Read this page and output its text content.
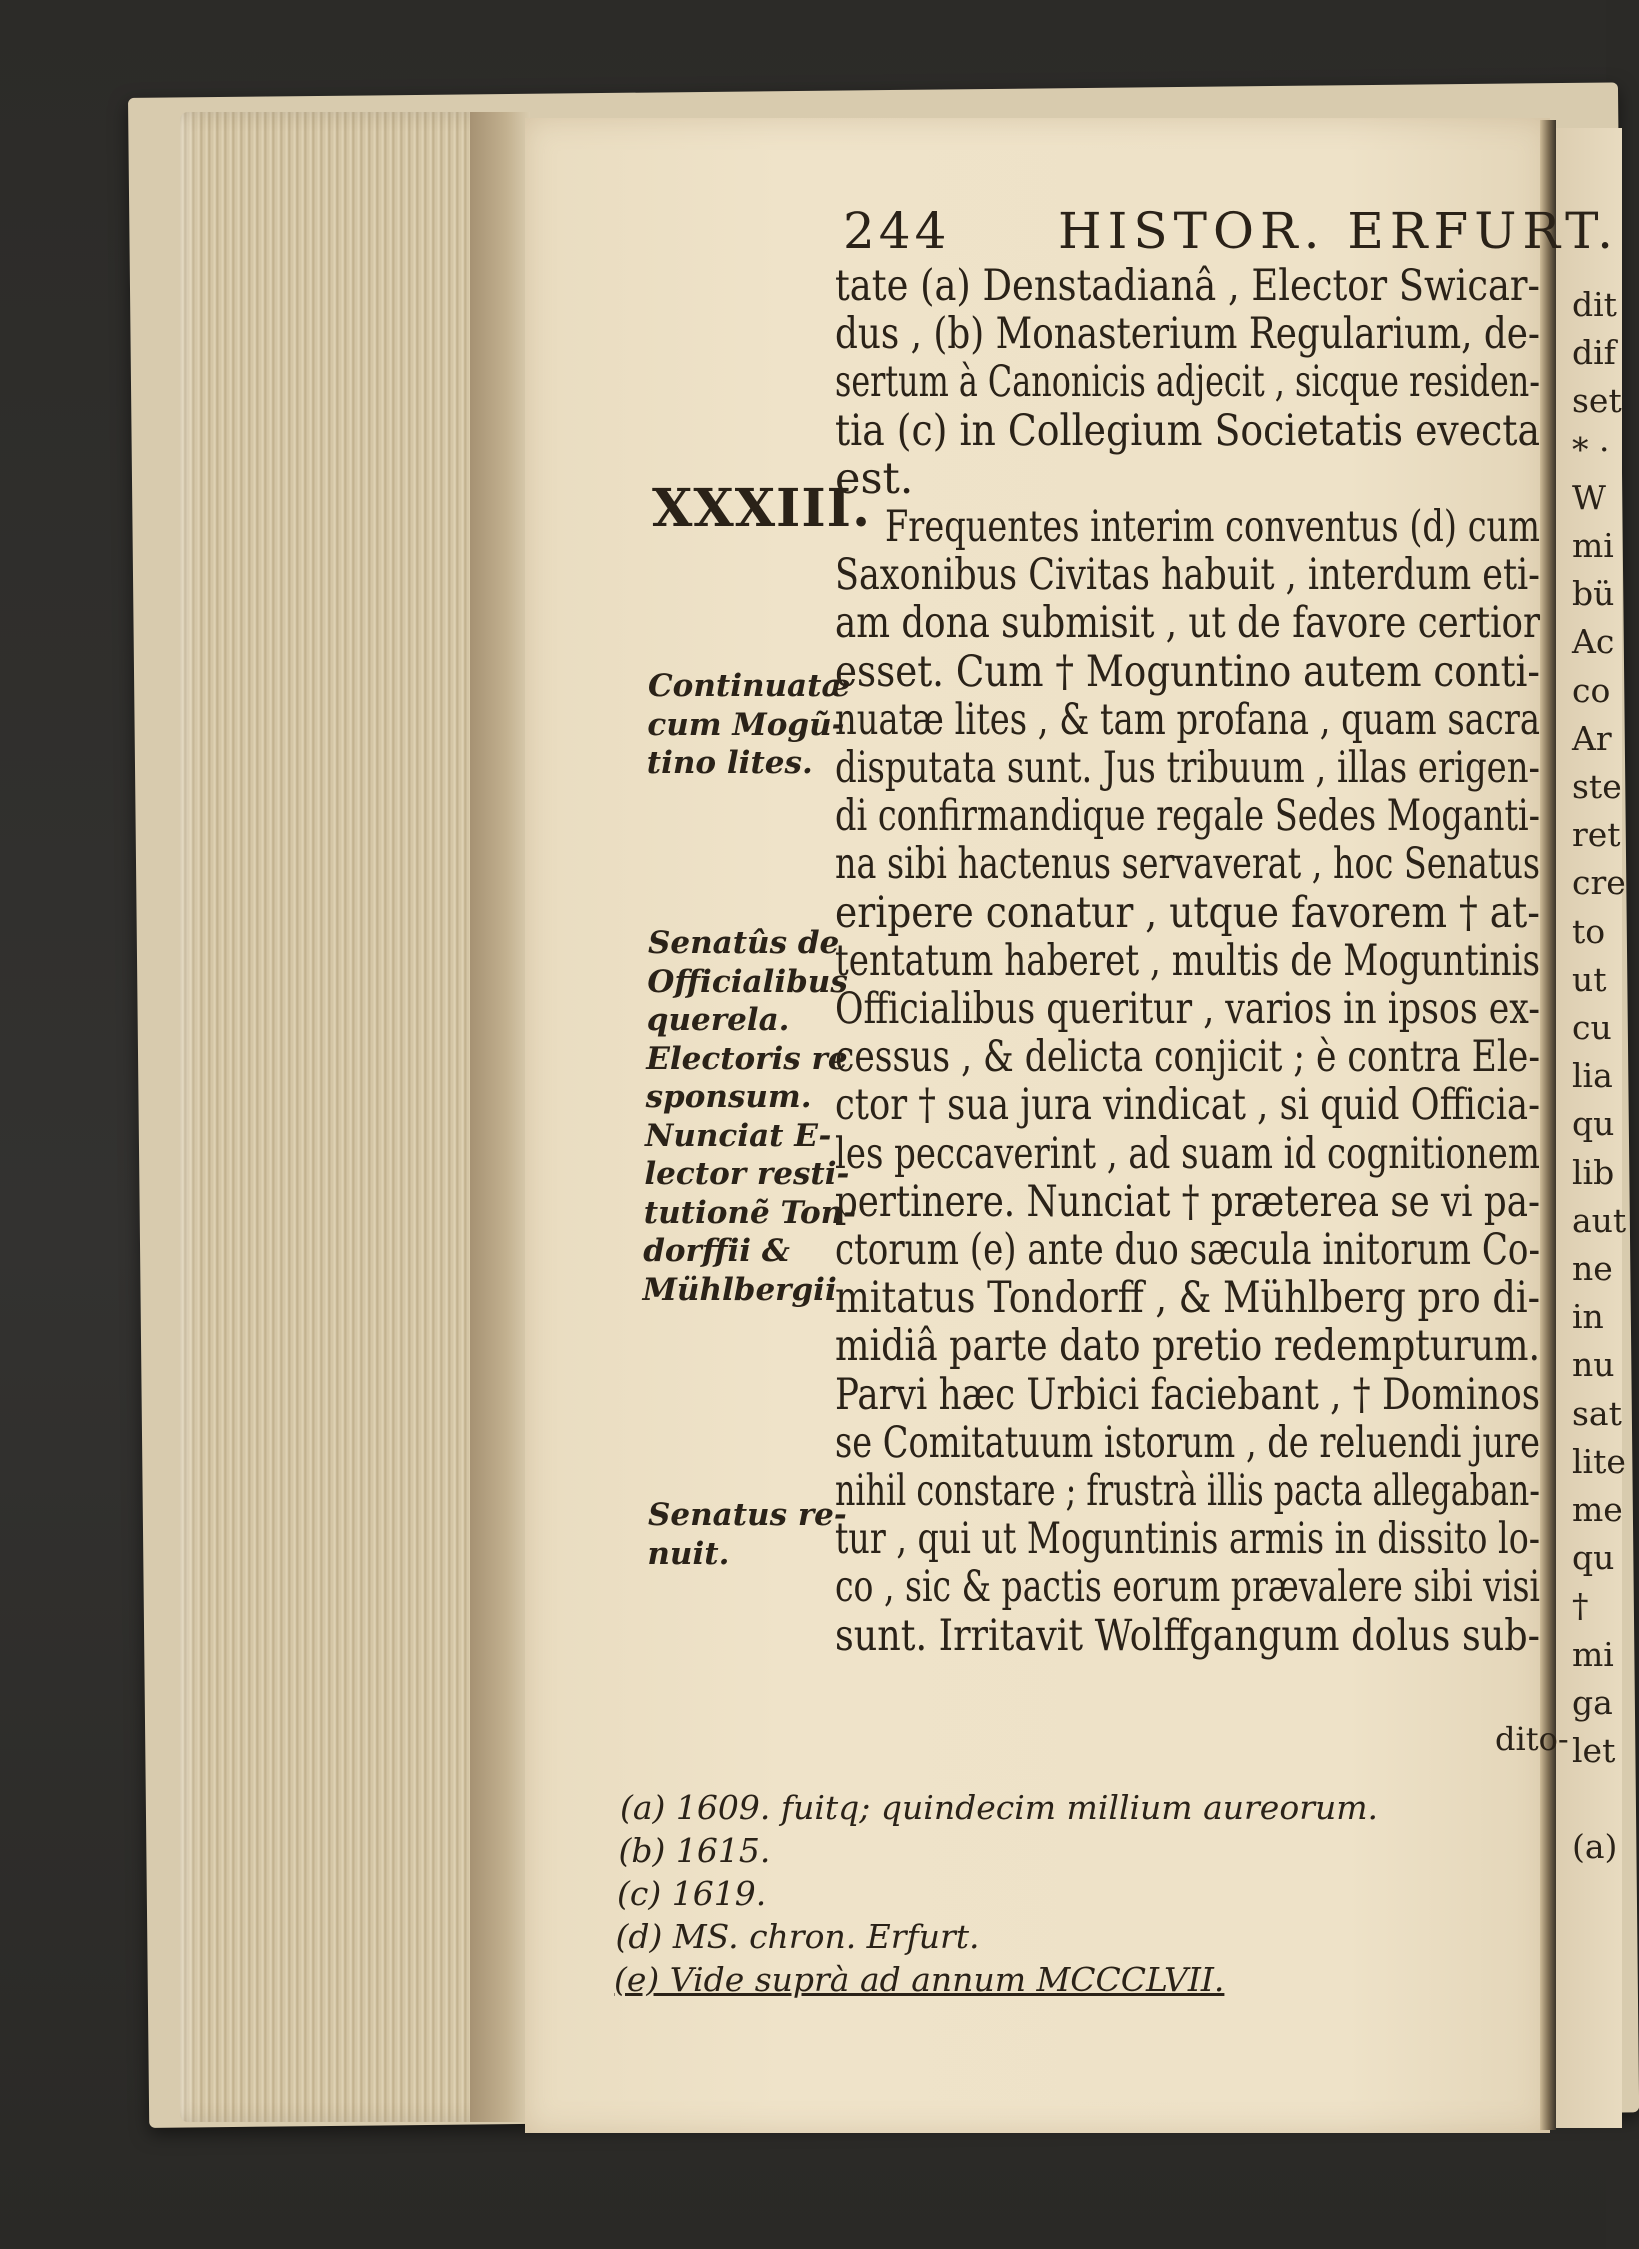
244 HISTOR. ERFURT.
XXXIII.
tate (a) Denstadianâ , Elector Swicar-
dus , (b) Monasterium Regularium, de-
sertum à Canonicis adjecit , sicque residen-
tia (c) in Collegium Societatis evecta
est.
Frequentes interim conventus (d) cum
Saxonibus Civitas habuit , interdum eti-
am dona submisit , ut de favore certior
esset. Cum † Moguntino autem conti-
nuatæ lites , & tam profana , quam sacra
disputata sunt. Jus tribuum , illas erigen-
di confirmandique regale Sedes Moganti-
na sibi hactenus servaverat , hoc Senatus
eripere conatur , utque favorem † at-
tentatum haberet , multis de Moguntinis
Officialibus queritur , varios in ipsos ex-
cessus , & delicta conjicit ; è contra Ele-
ctor † sua jura vindicat , si quid Officia-
les peccaverint , ad suam id cognitionem
pertinere. Nunciat † præterea se vi pa-
ctorum (e) ante duo sæcula initorum Co-
mitatus Tondorff , & Mühlberg pro di-
midiâ parte dato pretio redempturum.
Parvi hæc Urbici faciebant , † Dominos
se Comitatuum istorum , de reluendi jure
nihil constare ; frustrà illis pacta allegaban-
tur , qui ut Moguntinis armis in dissito lo-
co , sic & pactis eorum prævalere sibi visi
sunt. Irritavit Wolffgangum dolus sub-
dito-
Continuatæ
cum Mogũ-
tino lites.
Senatûs de
Officialibus
querela.
Electoris re
sponsum.
Nunciat E-
lector resti-
tutionẽ Ton-
dorffii &
Mühlbergii
Senatus re-
nuit.
(a) 1609. fuitq; quindecim millium aureorum.
(b) 1615.
(c) 1619.
(d) MS. chron. Erfurt.
(e) Vide suprà ad annum MCCCLVII.
dit
dif
set
* ·
W
mi
bü
Ac
co
Ar
ste
ret
cre
to
ut
cu
lia
qu
lib
aut
ne
in
nu
sat
lite
me
qu
†
mi
ga
let
(a)
